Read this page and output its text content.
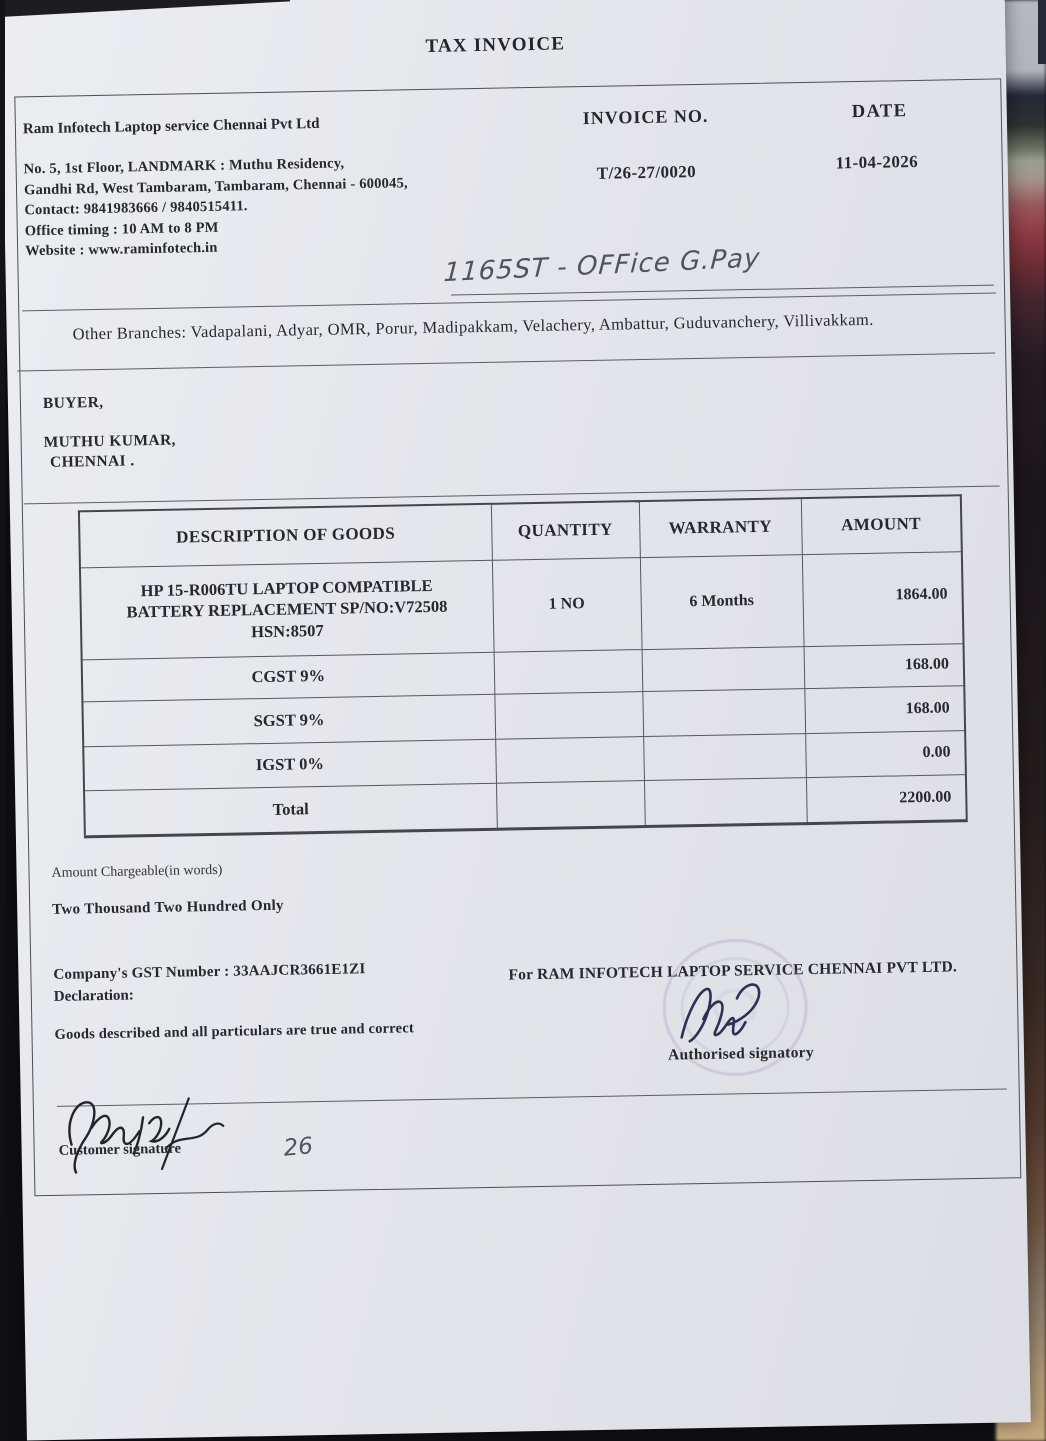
TAX INVOICE
Ram Infotech Laptop service Chennai Pvt Ltd
No. 5, 1st Floor, LANDMARK : Muthu Residency,
Gandhi Rd, West Tambaram, Tambaram, Chennai - 600045,
Contact: 9841983666 / 9840515411.
Office timing : 10 AM to 8 PM
Website : www.raminfotech.in
INVOICE NO.	DATE
T/26-27/0020	11-04-2026
1165ST - OFFice G.Pay
Other Branches: Vadapalani, Adyar, OMR, Porur, Madipakkam, Velachery, Ambattur, Guduvanchery, Villivakkam.
BUYER,
MUTHU KUMAR,
CHENNAI .
DESCRIPTION OF GOODS	QUANTITY	WARRANTY	AMOUNT

HP 15-R006TU LAPTOP COMPATIBLE
BATTERY REPLACEMENT SP/NO:V72508
HSN:8507	1 NO	6 Months	1864.00
CGST 9%			168.00
SGST 9%			168.00
IGST 0%			0.00
Total			2200.00
Amount Chargeable(in words)
Two Thousand Two Hundred Only
Company's GST Number : 33AAJCR3661E1ZI
Declaration:
Goods described and all particulars are true and correct
For RAM INFOTECH LAPTOP SERVICE CHENNAI PVT LTD.
Authorised signatory
Customer signature	26
